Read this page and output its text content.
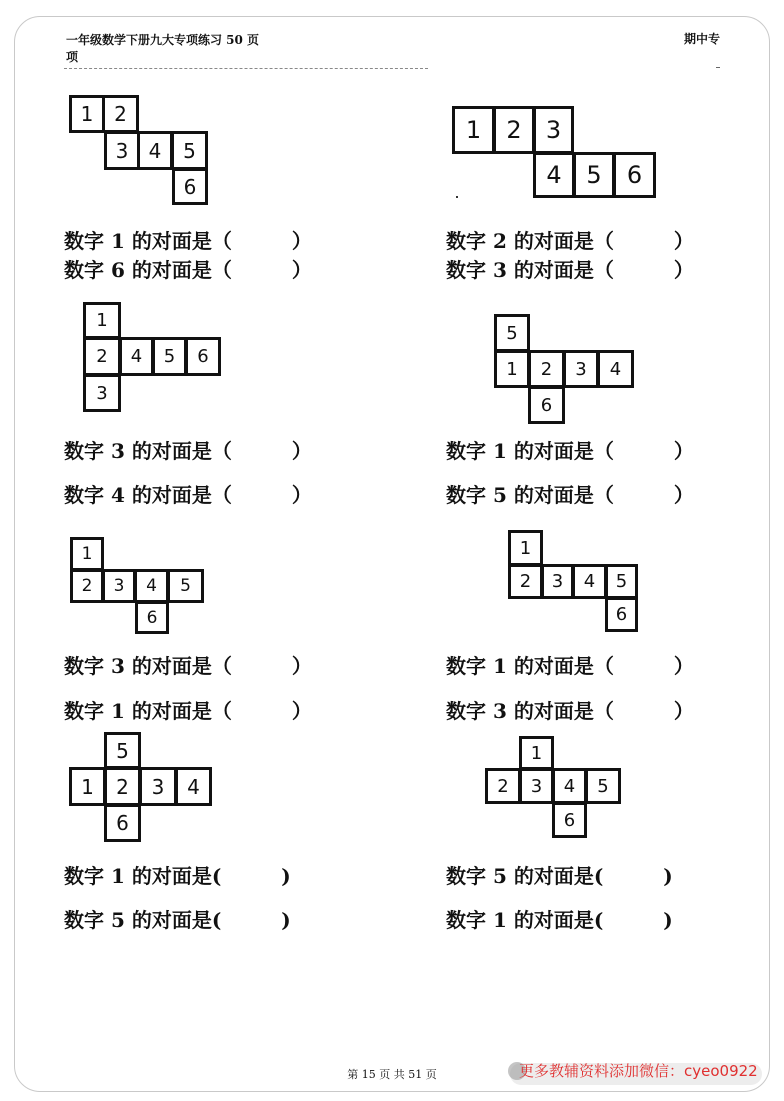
一年级数学下册九大专项练习 50 页
项
期中专
1	2
3	4	5
6
1	2	3
4	5	6
数字 1 的对面是（　　　）
数字 6 的对面是（　　　）
数字 2 的对面是（　　　）
数字 3 的对面是（　　　）
1
2	4	5	6
3
5
1	2	3	4
6
数字 3 的对面是（　　　）
数字 4 的对面是（　　　）
数字 1 的对面是（　　　）
数字 5 的对面是（　　　）
1
2	3	4	5
6
1
2	3	4	5
6
数字 3 的对面是（　　　）
数字 1 的对面是（　　　）
数字 1 的对面是（　　　）
数字 3 的对面是（　　　）
5
1	2	3	4
6
1
2	3	4	5
6
数字 1 的对面是(　　　)
数字 5 的对面是(　　　)
数字 5 的对面是(　　　)
数字 1 的对面是(　　　)
第 15 页 共 51 页	更多教辅资料添加微信：cyeo0922
